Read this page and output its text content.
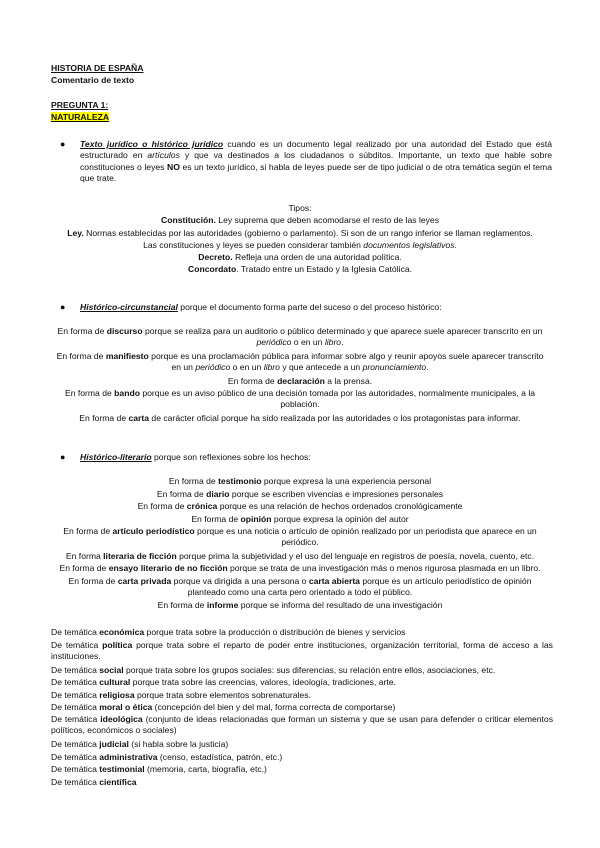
HISTORIA DE ESPAÑA
Comentario de texto
PREGUNTA 1:
NATURALEZA
● Texto jurídico o histórico jurídico cuando es un documento legal realizado por una autoridad del Estado que está estructurado en artículos y que va destinados a los ciudadanos o súbditos. Importante, un texto que hable sobre constituciones o leyes NO es un texto jurídico, si habla de leyes puede ser de tipo judicial o de otra temática según el tema que trate.
Tipos:
Constitución. Ley suprema que deben acomodarse el resto de las leyes
Ley. Normas establecidas por las autoridades (gobierno o parlamento). Si son de un rango inferior se llaman reglamentos.
Las constituciones y leyes se pueden considerar también documentos legislativos.
Decreto. Refleja una orden de una autoridad política.
Concordato. Tratado entre un Estado y la Iglesia Católica.
● Histórico-circunstancial porque el documento forma parte del suceso o del proceso histórico:
En forma de discurso porque se realiza para un auditorio o público determinado y que aparece suele aparecer transcrito en un periódico o en un libro.
En forma de manifiesto porque es una proclamación pública para informar sobre algo y reunir apoyos suele aparecer transcrito en un periódico o en un libro y que antecede a un pronunciamiento.
En forma de declaración a la prensa.
En forma de bando porque es un aviso público de una decisión tomada por las autoridades, normalmente municipales, a la población.
En forma de carta de carácter oficial porque ha sido realizada por las autoridades o los protagonistas para informar.
● Histórico-literario porque son reflexiones sobre los hechos:
En forma de testimonio porque expresa la una experiencia personal
En forma de diario porque se escriben vivencias e impresiones personales
En forma de crónica porque es una relación de hechos ordenados cronológicamente
En forma de opinión porque expresa la opinión del autor
En forma de artículo periodístico porque es una noticia o artículo de opinión realizado por un periodista que aparece en un periódico.
En forma literaria de ficción porque prima la subjetividad y el uso del lenguaje en registros de poesía, novela, cuento, etc.
En forma de ensayo literario de no ficción porque se trata de una investigación más o menos rigurosa plasmada en un libro.
En forma de carta privada porque va dirigida a una persona o carta abierta porque es un artículo periodístico de opinión planteado como una carta pero orientado a todo el público.
En forma de informe porque se informa del resultado de una investigación
De temática económica porque trata sobre la producción o distribución de bienes y servicios
De temática política porque trata sobre el reparto de poder entre instituciones, organización territorial, forma de acceso a las instituciones.
De temática social porque trata sobre los grupos sociales: sus diferencias, su relación entre ellos, asociaciones, etc.
De temática cultural porque trata sobre las creencias, valores, ideología, tradiciones, arte.
De temática religiosa porque trata sobre elementos sobrenaturales.
De temática moral o ética (concepción del bien y del mal, forma correcta de comportarse)
De temática ideológica (conjunto de ideas relacionadas que forman un sistema y que se usan para defender o criticar elementos políticos, económicos o sociales)
De temática judicial (si habla sobre la justicia)
De temática administrativa (censo, estadística, patrón, etc.)
De temática testimonial (memoria, carta, biografía, etc.)
De temática científica
